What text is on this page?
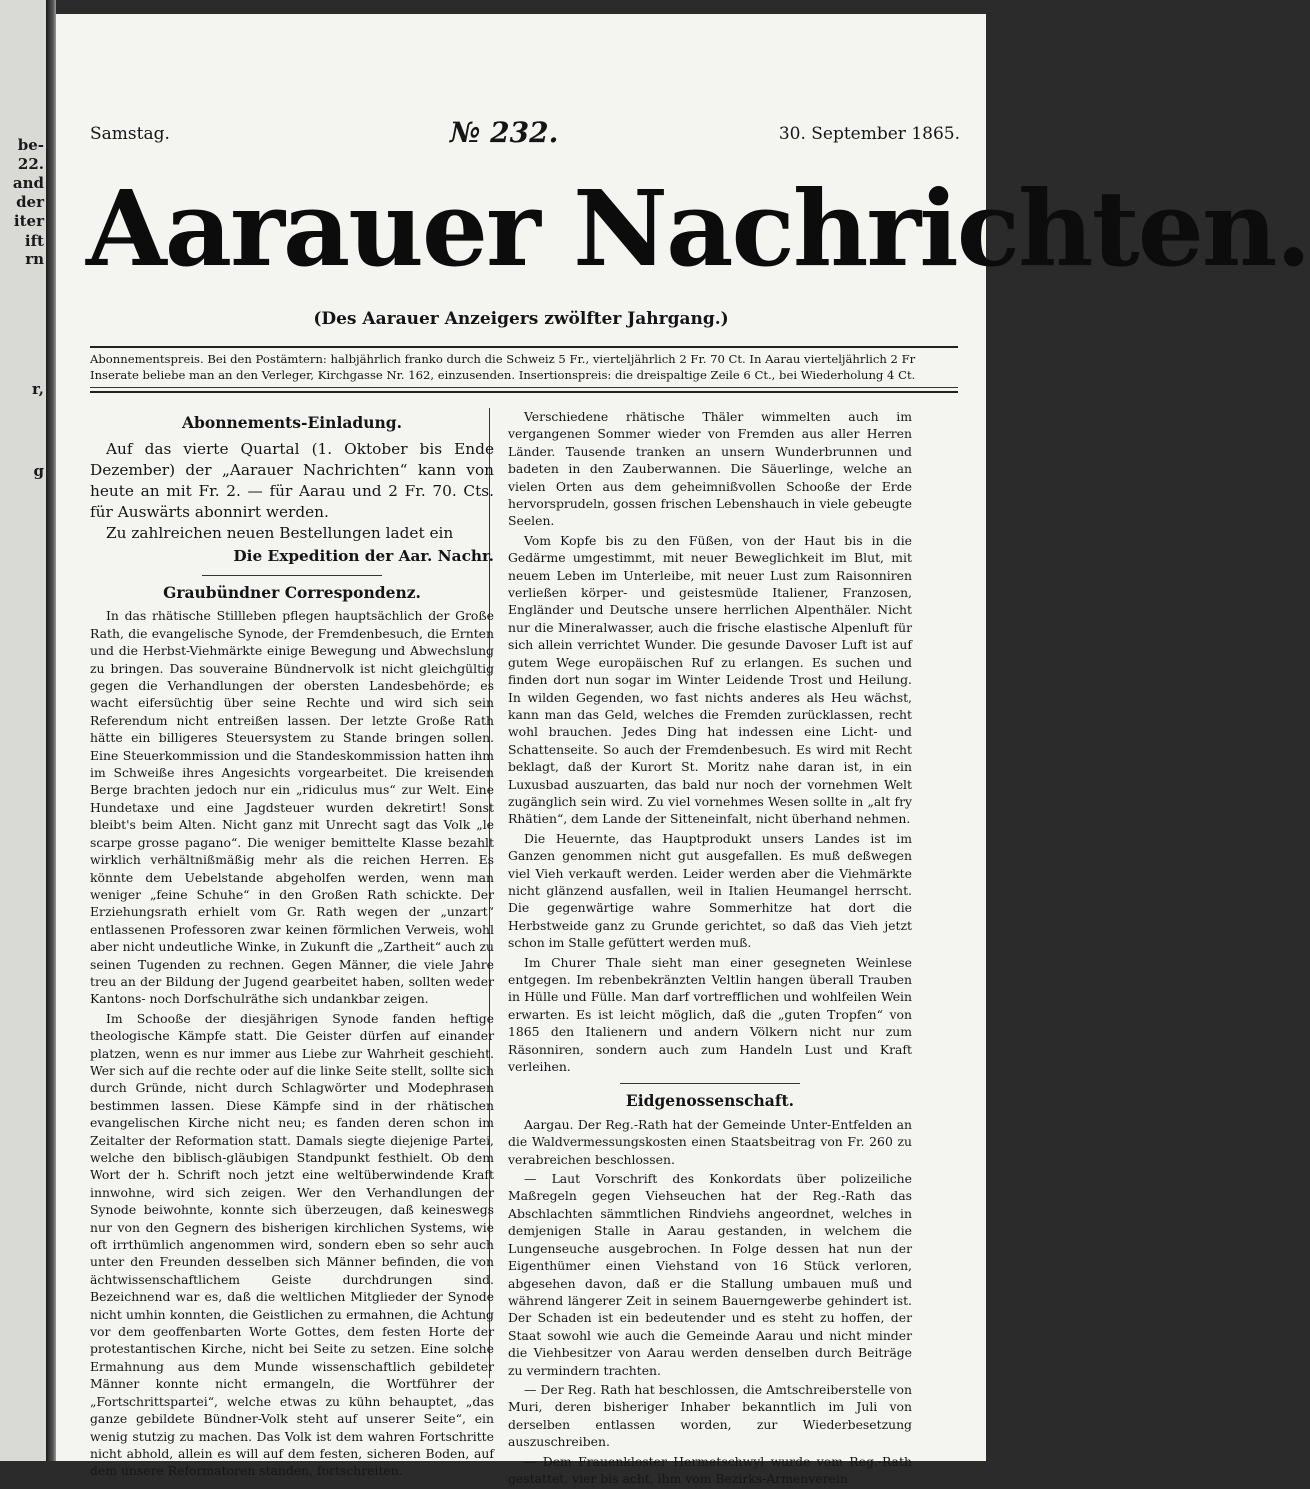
be-
22.
and
der
iter
ift
rn
r,
g
Samstag.	№ 232.	30. September 1865.
Aarauer Nachrichten.
(Des Aarauer Anzeigers zwölfter Jahrgang.)
Abonnementspreis. Bei den Postämtern: halbjährlich franko durch die Schweiz 5 Fr., vierteljährlich 2 Fr. 70 Ct. In Aarau vierteljährlich 2 Fr
Inserate beliebe man an den Verleger, Kirchgasse Nr. 162, einzusenden. Insertionspreis: die dreispaltige Zeile 6 Ct., bei Wiederholung 4 Ct.
Abonnements-Einladung.

Auf das vierte Quartal (1. Oktober bis Ende Dezember) der „Aarauer Nachrichten“ kann von heute an mit Fr. 2. — für Aarau und 2 Fr. 70. Cts. für Auswärts abonnirt werden.

Zu zahlreichen neuen Bestellungen ladet ein

Die Expedition der Aar. Nachr.

Graubündner Correspondenz.

In das rhätische Stillleben pflegen hauptsächlich der Große Rath, die evangelische Synode, der Fremdenbesuch, die Ernten und die Herbst-Viehmärkte einige Bewegung und Abwechslung zu bringen. Das souveraine Bündnervolk ist nicht gleichgültig gegen die Verhandlungen der obersten Landesbehörde; es wacht eifersüchtig über seine Rechte und wird sich sein Referendum nicht entreißen lassen. Der letzte Große Rath hätte ein billigeres Steuersystem zu Stande bringen sollen. Eine Steuerkommission und die Standeskommission hatten ihm im Schweiße ihres Angesichts vorgearbeitet. Die kreisenden Berge brachten jedoch nur ein „ridiculus mus“ zur Welt. Eine Hundetaxe und eine Jagdsteuer wurden dekretirt! Sonst bleibt's beim Alten. Nicht ganz mit Unrecht sagt das Volk „le scarpe grosse pagano“. Die weniger bemittelte Klasse bezahlt wirklich verhältnißmäßig mehr als die reichen Herren. Es könnte dem Uebelstande abgeholfen werden, wenn man weniger „feine Schuhe“ in den Großen Rath schickte. Der Erziehungsrath erhielt vom Gr. Rath wegen der „unzart“ entlassenen Professoren zwar keinen förmlichen Verweis, wohl aber nicht undeutliche Winke, in Zukunft die „Zartheit“ auch zu seinen Tugenden zu rechnen. Gegen Männer, die viele Jahre treu an der Bildung der Jugend gearbeitet haben, sollten weder Kantons- noch Dorfschulräthe sich undankbar zeigen.

Im Schooße der diesjährigen Synode fanden heftige theologische Kämpfe statt. Die Geister dürfen auf einander platzen, wenn es nur immer aus Liebe zur Wahrheit geschieht. Wer sich auf die rechte oder auf die linke Seite stellt, sollte sich durch Gründe, nicht durch Schlagwörter und Modephrasen bestimmen lassen. Diese Kämpfe sind in der rhätischen evangelischen Kirche nicht neu; es fanden deren schon im Zeitalter der Reformation statt. Damals siegte diejenige Partei, welche den biblisch-gläubigen Standpunkt festhielt. Ob dem Wort der h. Schrift noch jetzt eine weltüberwindende Kraft innwohne, wird sich zeigen. Wer den Verhandlungen der Synode beiwohnte, konnte sich überzeugen, daß keineswegs nur von den Gegnern des bisherigen kirchlichen Systems, wie oft irrthümlich angenommen wird, sondern eben so sehr auch unter den Freunden desselben sich Männer befinden, die von ächtwissenschaftlichem Geiste durchdrungen sind. Bezeichnend war es, daß die weltlichen Mitglieder der Synode nicht umhin konnten, die Geistlichen zu ermahnen, die Achtung vor dem geoffenbarten Worte Gottes, dem festen Horte der protestantischen Kirche, nicht bei Seite zu setzen. Eine solche Ermahnung aus dem Munde wissenschaftlich gebildeter Männer konnte nicht ermangeln, die Wortführer der „Fortschrittspartei“, welche etwas zu kühn behauptet, „das ganze gebildete Bündner-Volk steht auf unserer Seite“, ein wenig stutzig zu machen. Das Volk ist dem wahren Fortschritte nicht abhold, allein es will auf dem festen, sicheren Boden, auf dem unsere Reformatoren standen, fortschreiten.

Verschiedene rhätische Thäler wimmelten auch im vergangenen Sommer wieder von Fremden aus aller Herren Länder. Tausende tranken an unsern Wunderbrunnen und badeten in den Zauberwannen. Die Säuerlinge, welche an vielen Orten aus dem geheimnißvollen Schooße der Erde hervorsprudeln, gossen frischen Lebenshauch in viele gebeugte Seelen.

Vom Kopfe bis zu den Füßen, von der Haut bis in die Gedärme umgestimmt, mit neuer Beweglichkeit im Blut, mit neuem Leben im Unterleibe, mit neuer Lust zum Raisonniren verließen körper- und geistesmüde Italiener, Franzosen, Engländer und Deutsche unsere herrlichen Alpenthäler. Nicht nur die Mineralwasser, auch die frische elastische Alpenluft für sich allein verrichtet Wunder. Die gesunde Davoser Luft ist auf gutem Wege europäischen Ruf zu erlangen. Es suchen und finden dort nun sogar im Winter Leidende Trost und Heilung. In wilden Gegenden, wo fast nichts anderes als Heu wächst, kann man das Geld, welches die Fremden zurücklassen, recht wohl brauchen. Jedes Ding hat indessen eine Licht- und Schattenseite. So auch der Fremdenbesuch. Es wird mit Recht beklagt, daß der Kurort St. Moritz nahe daran ist, in ein Luxusbad auszuarten, das bald nur noch der vornehmen Welt zugänglich sein wird. Zu viel vornehmes Wesen sollte in „alt fry Rhätien“, dem Lande der Sitteneinfalt, nicht überhand nehmen.

Die Heuernte, das Hauptprodukt unsers Landes ist im Ganzen genommen nicht gut ausgefallen. Es muß deßwegen viel Vieh verkauft werden. Leider werden aber die Viehmärkte nicht glänzend ausfallen, weil in Italien Heumangel herrscht. Die gegenwärtige wahre Sommerhitze hat dort die Herbstweide ganz zu Grunde gerichtet, so daß das Vieh jetzt schon im Stalle gefüttert werden muß.

Im Churer Thale sieht man einer gesegneten Weinlese entgegen. Im rebenbekränzten Veltlin hangen überall Trauben in Hülle und Fülle. Man darf vortrefflichen und wohlfeilen Wein erwarten. Es ist leicht möglich, daß die „guten Tropfen“ von 1865 den Italienern und andern Völkern nicht nur zum Räsonniren, sondern auch zum Handeln Lust und Kraft verleihen.

Eidgenossenschaft.

Aargau. Der Reg.-Rath hat der Gemeinde Unter-Entfelden an die Waldvermessungskosten einen Staatsbeitrag von Fr. 260 zu verabreichen beschlossen.

— Laut Vorschrift des Konkordats über polizeiliche Maßregeln gegen Viehseuchen hat der Reg.-Rath das Abschlachten sämmtlichen Rindviehs angeordnet, welches in demjenigen Stalle in Aarau gestanden, in welchem die Lungenseuche ausgebrochen. In Folge dessen hat nun der Eigenthümer einen Viehstand von 16 Stück verloren, abgesehen davon, daß er die Stallung umbauen muß und während längerer Zeit in seinem Bauerngewerbe gehindert ist. Der Schaden ist ein bedeutender und es steht zu hoffen, der Staat sowohl wie auch die Gemeinde Aarau und nicht minder die Viehbesitzer von Aarau werden denselben durch Beiträge zu vermindern trachten.

— Der Reg. Rath hat beschlossen, die Amtschreiberstelle von Muri, deren bisheriger Inhaber bekanntlich im Juli von derselben entlassen worden, zur Wiederbesetzung auszuschreiben.

— Dem Frauenkloster Hermetschwyl wurde vom Reg.-Rath gestattet, vier bis acht, ihm vom Bezirks-Armenverein
